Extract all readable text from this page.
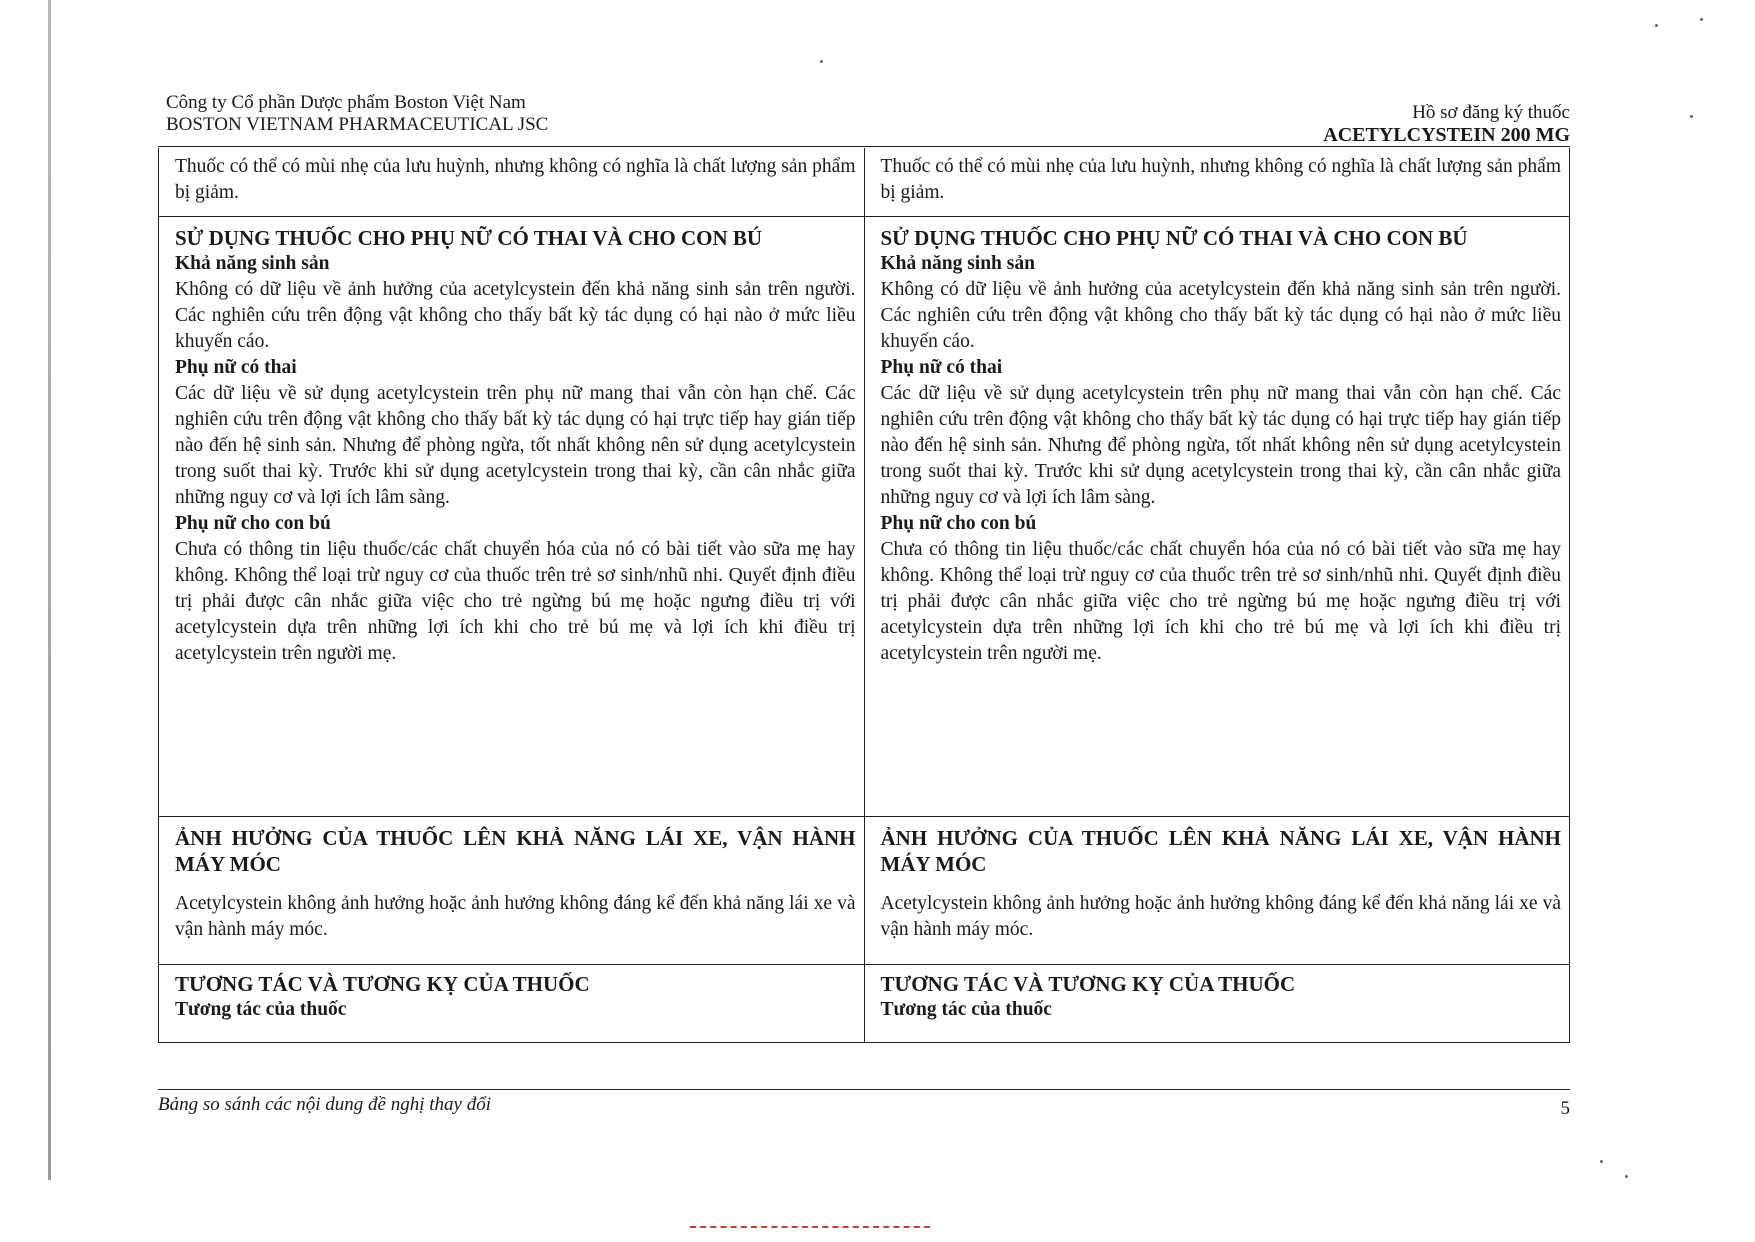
Công ty Cổ phần Dược phẩm Boston Việt Nam
BOSTON VIETNAM PHARMACEUTICAL JSC
Hồ sơ đăng ký thuốc
ACETYLCYSTEIN 200 MG

Thuốc có thể có mùi nhẹ của lưu huỳnh, nhưng không có nghĩa là chất lượng sản phẩm bị giảm.

SỬ DỤNG THUỐC CHO PHỤ NỮ CÓ THAI VÀ CHO CON BÚ

Khả năng sinh sản

Không có dữ liệu về ảnh hưởng của acetylcystein đến khả năng sinh sản trên người. Các nghiên cứu trên động vật không cho thấy bất kỳ tác dụng có hại nào ở mức liều khuyến cáo.

Phụ nữ có thai

Các dữ liệu về sử dụng acetylcystein trên phụ nữ mang thai vẫn còn hạn chế. Các nghiên cứu trên động vật không cho thấy bất kỳ tác dụng có hại trực tiếp hay gián tiếp nào đến hệ sinh sản. Nhưng để phòng ngừa, tốt nhất không nên sử dụng acetylcystein trong suốt thai kỳ. Trước khi sử dụng acetylcystein trong thai kỳ, cần cân nhắc giữa những nguy cơ và lợi ích lâm sàng.

Phụ nữ cho con bú

Chưa có thông tin liệu thuốc/các chất chuyển hóa của nó có bài tiết vào sữa mẹ hay không. Không thể loại trừ nguy cơ của thuốc trên trẻ sơ sinh/nhũ nhi. Quyết định điều trị phải được cân nhắc giữa việc cho trẻ ngừng bú mẹ hoặc ngưng điều trị với acetylcystein dựa trên những lợi ích khi cho trẻ bú mẹ và lợi ích khi điều trị acetylcystein trên người mẹ.

ẢNH HƯỞNG CỦA THUỐC LÊN KHẢ NĂNG LÁI XE, VẬN HÀNH MÁY MÓC

Acetylcystein không ảnh hưởng hoặc ảnh hưởng không đáng kể đến khả năng lái xe và vận hành máy móc.

TƯƠNG TÁC VÀ TƯƠNG KỴ CỦA THUỐC

Tương tác của thuốc

Thuốc có thể có mùi nhẹ của lưu huỳnh, nhưng không có nghĩa là chất lượng sản phẩm bị giảm.

SỬ DỤNG THUỐC CHO PHỤ NỮ CÓ THAI VÀ CHO CON BÚ

Khả năng sinh sản

Không có dữ liệu về ảnh hưởng của acetylcystein đến khả năng sinh sản trên người. Các nghiên cứu trên động vật không cho thấy bất kỳ tác dụng có hại nào ở mức liều khuyến cáo.

Phụ nữ có thai

Các dữ liệu về sử dụng acetylcystein trên phụ nữ mang thai vẫn còn hạn chế. Các nghiên cứu trên động vật không cho thấy bất kỳ tác dụng có hại trực tiếp hay gián tiếp nào đến hệ sinh sản. Nhưng để phòng ngừa, tốt nhất không nên sử dụng acetylcystein trong suốt thai kỳ. Trước khi sử dụng acetylcystein trong thai kỳ, cần cân nhắc giữa những nguy cơ và lợi ích lâm sàng.

Phụ nữ cho con bú

Chưa có thông tin liệu thuốc/các chất chuyển hóa của nó có bài tiết vào sữa mẹ hay không. Không thể loại trừ nguy cơ của thuốc trên trẻ sơ sinh/nhũ nhi. Quyết định điều trị phải được cân nhắc giữa việc cho trẻ ngừng bú mẹ hoặc ngưng điều trị với acetylcystein dựa trên những lợi ích khi cho trẻ bú mẹ và lợi ích khi điều trị acetylcystein trên người mẹ.

ẢNH HƯỞNG CỦA THUỐC LÊN KHẢ NĂNG LÁI XE, VẬN HÀNH MÁY MÓC

Acetylcystein không ảnh hưởng hoặc ảnh hưởng không đáng kể đến khả năng lái xe và vận hành máy móc.

TƯƠNG TÁC VÀ TƯƠNG KỴ CỦA THUỐC

Tương tác của thuốc

Bảng so sánh các nội dung đề nghị thay đổi	5
